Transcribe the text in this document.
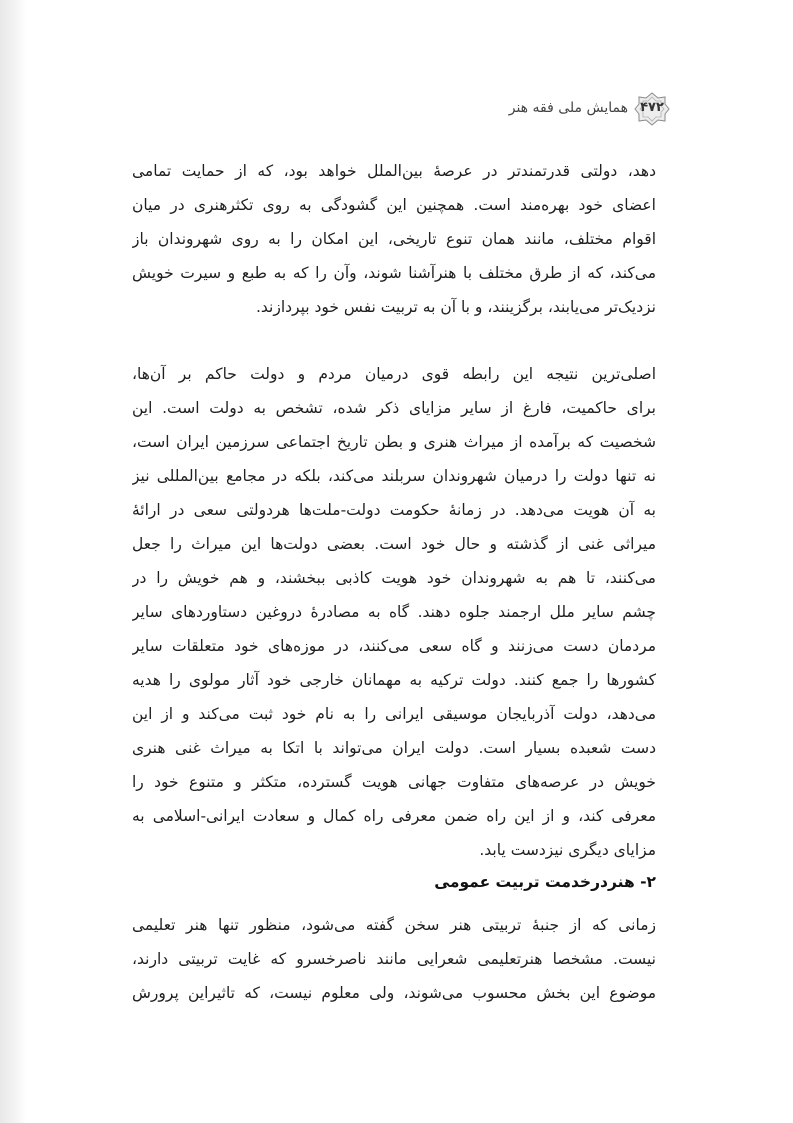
همایش ملی فقه هنر ۴۷۲
دهد، دولتی قدرتمندتر در عرصهٔ بین‌الملل خواهد بود، که از حمایت تمامی
اعضای خود بهره‌مند است. همچنین این گشودگی به روی تکثرهنری در میان
اقوام مختلف، مانند همان تنوع تاریخی، این امکان را به روی شهروندان باز
می‌کند، که از طرق مختلف با هنرآشنا شوند، وآن را که به طبع و سیرت خویش
نزدیک‌تر می‌یابند، برگزینند، و با آن به تربیت نفس خود بپردازند.
اصلی‌ترین نتیجه این رابطه قوی درمیان مردم و دولت حاکم بر آن‌ها،
برای حاکمیت، فارغ از سایر مزایای ذکر شده، تشخص به دولت است. این
شخصیت که برآمده از میراث هنری و بطن تاریخ اجتماعی سرزمین ایران است،
نه تنها دولت را درمیان شهروندان سربلند می‌کند، بلکه در مجامع بین‌المللی نیز
به آن هویت می‌دهد. در زمانهٔ حکومت دولت-ملت‌ها هردولتی سعی در ارائهٔ
میراثی غنی از گذشته و حال خود است. بعضی دولت‌ها این میراث را جعل
می‌کنند، تا هم به شهروندان خود هویت کاذبی ببخشند، و هم خویش را در
چشم سایر ملل ارجمند جلوه دهند. گاه به مصادرهٔ دروغین دستاوردهای سایر
مردمان دست می‌زنند و گاه سعی می‌کنند، در موزه‌های خود متعلقات سایر
کشورها را جمع کنند. دولت ترکیه به مهمانان خارجی خود آثار مولوی را هدیه
می‌دهد، دولت آذربایجان موسیقی ایرانی را به نام خود ثبت می‌کند و از این
دست شعبده بسیار است. دولت ایران می‌تواند با اتکا به میراث غنی هنری
خویش در عرصه‌های متفاوت جهانی هویت گسترده، متکثر و متنوع خود را
معرفی کند، و از این راه ضمن معرفی راه کمال و سعادت ایرانی-اسلامی به
مزایای دیگری نیزدست یابد.
۲- هنردرخدمت تربیت عمومی
زمانی که از جنبهٔ تربیتی هنر سخن گفته می‌شود، منظور تنها هنر تعلیمی
نیست. مشخصا هنرتعلیمی شعرایی مانند ناصرخسرو که غایت تربیتی دارند،
موضوع این بخش محسوب می‌شوند، ولی معلوم نیست، که تاثیراین پرورش
